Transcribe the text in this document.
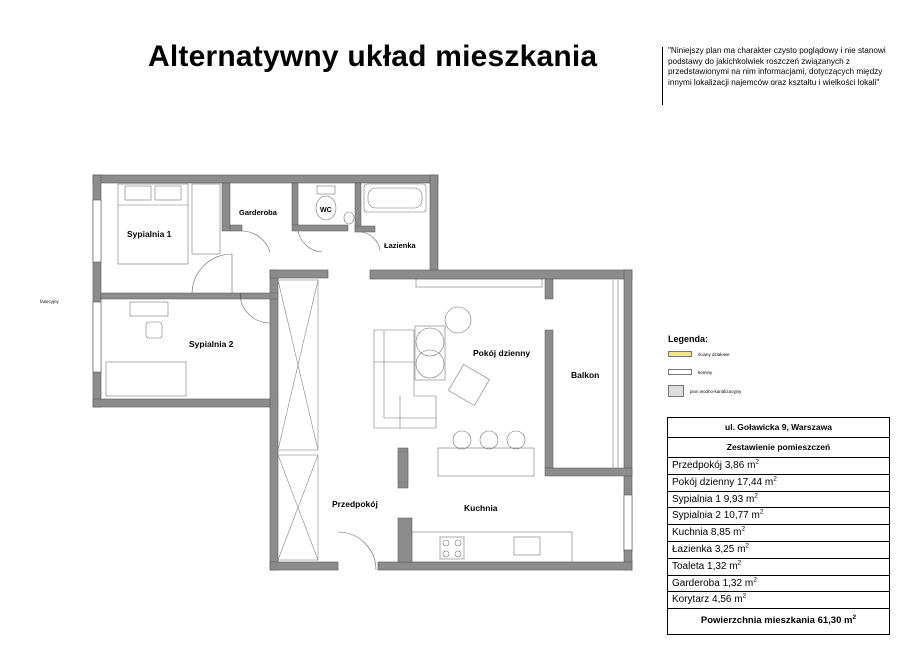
Alternatywny układ mieszkania	"Niniejszy plan ma charakter czysto poglądowy i nie stanowi podstawy do jakichkolwiek roszczeń związanych z przedstawionymi na nim informacjami, dotyczących między innymi lokalizacji najemców oraz kształtu i wielkości lokali"
fasecyjny
Sypialnia 1
Garderoba	WC
Łazienka
Sypialnia 2
Pokój dzienny
Balkon
Przedpokój	Kuchnia
Legenda:
ściany działowe
kominy
pion wodno-kanalizacyjny
ul. Goławicka 9, Warszawa
Zestawienie pomieszczeń
Przedpokój 3,86 $m^2$
Pokój dzienny 17,44 $m^2$
Sypialnia 1 9,93 $m^2$
Sypialnia 2 10,77 $m^2$
Kuchnia 8,85 $m^2$
Łazienka 3,25 $m^2$
Toaleta 1,32 $m^2$
Garderoba 1,32 $m^2$
Korytarz 4,56 $m^2$
Powierzchnia mieszkania 61,30 $m^2$
